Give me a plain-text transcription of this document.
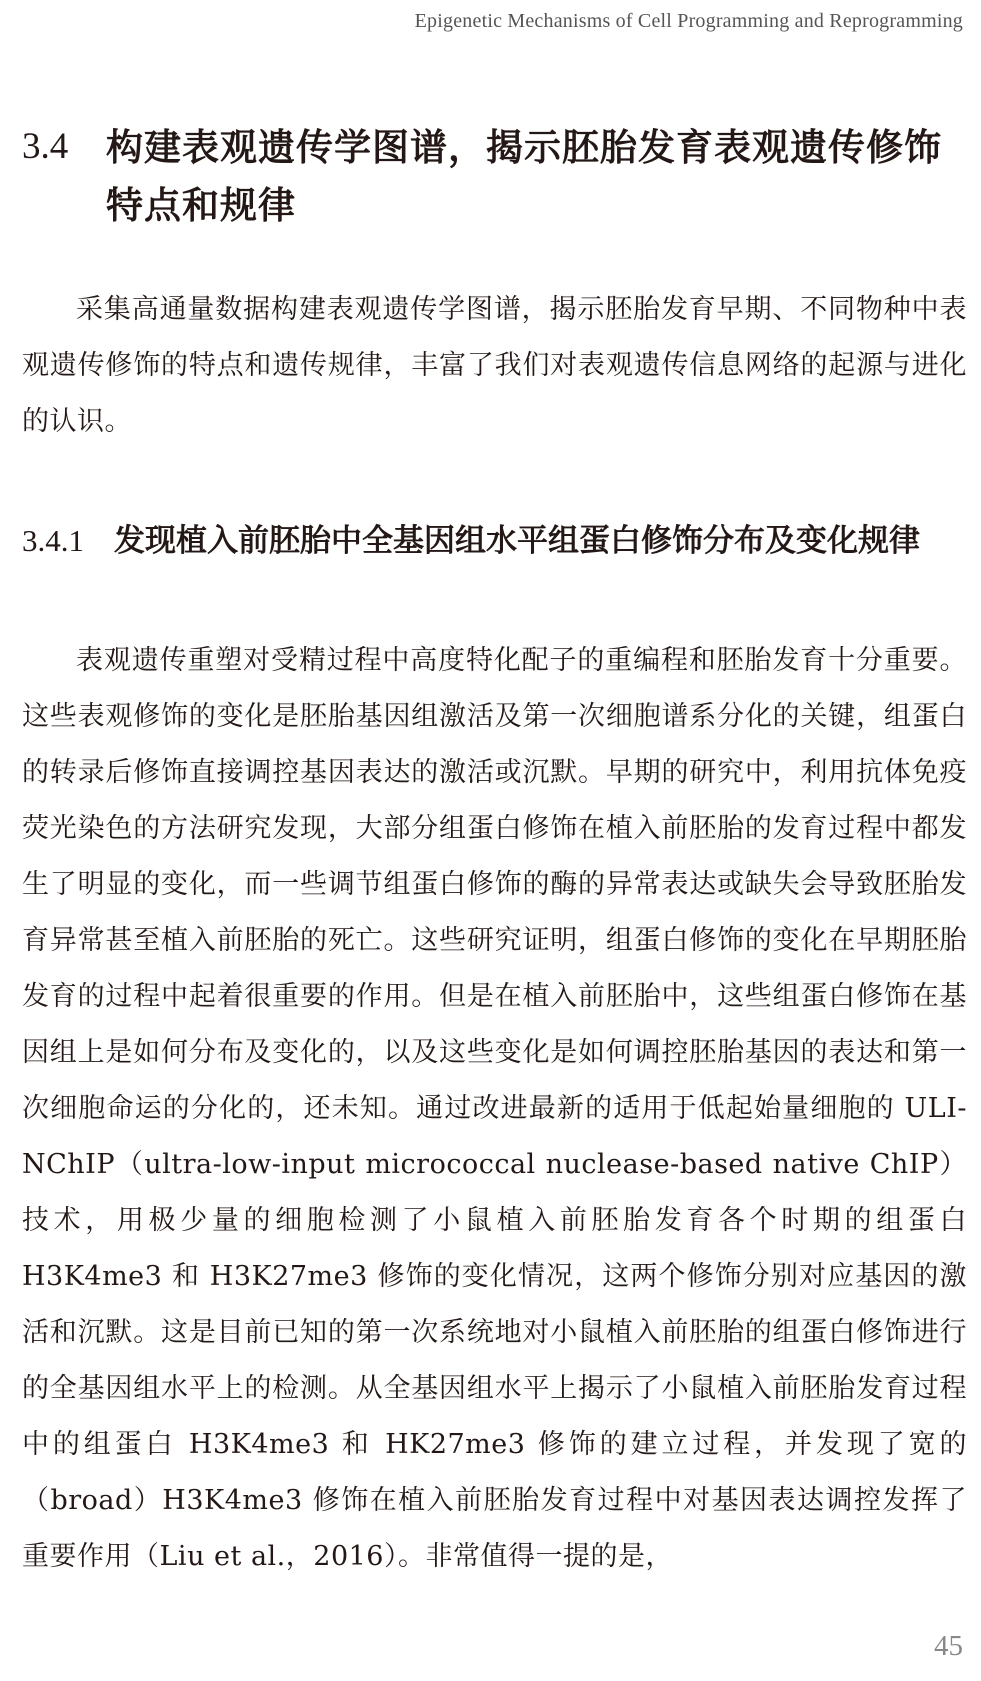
Epigenetic Mechanisms of Cell Programming and Reprogramming
3.4	构建表观遗传学图谱，揭示胚胎发育表观遗传修饰特点和规律

采集高通量数据构建表观遗传学图谱，揭示胚胎发育早期、不同物种中表观遗传修饰的特点和遗传规律，丰富了我们对表观遗传信息网络的起源与进化的认识。

3.4.1 发现植入前胚胎中全基因组水平组蛋白修饰分布及变化规律

表观遗传重塑对受精过程中高度特化配子的重编程和胚胎发育十分重要。这些表观修饰的变化是胚胎基因组激活及第一次细胞谱系分化的关键，组蛋白的转录后修饰直接调控基因表达的激活或沉默。早期的研究中，利用抗体免疫荧光染色的方法研究发现，大部分组蛋白修饰在植入前胚胎的发育过程中都发生了明显的变化，而一些调节组蛋白修饰的酶的异常表达或缺失会导致胚胎发育异常甚至植入前胚胎的死亡。这些研究证明，组蛋白修饰的变化在早期胚胎发育的过程中起着很重要的作用。但是在植入前胚胎中，这些组蛋白修饰在基因组上是如何分布及变化的，以及这些变化是如何调控胚胎基因的表达和第一次细胞命运的分化的，还未知。通过改进最新的适用于低起始量细胞的 ULI-NChIP（ultra-low-input micrococcal nuclease-based native ChIP）技术，用极少量的细胞检测了小鼠植入前胚胎发育各个时期的组蛋白 H3K4me3 和 H3K27me3 修饰的变化情况，这两个修饰分别对应基因的激活和沉默。这是目前已知的第一次系统地对小鼠植入前胚胎的组蛋白修饰进行的全基因组水平上的检测。从全基因组水平上揭示了小鼠植入前胚胎发育过程中的组蛋白 H3K4me3 和 HK27me3 修饰的建立过程，并发现了宽的（broad）H3K4me3 修饰在植入前胚胎发育过程中对基因表达调控发挥了重要作用（Liu et al.，2016）。非常值得一提的是，

45
